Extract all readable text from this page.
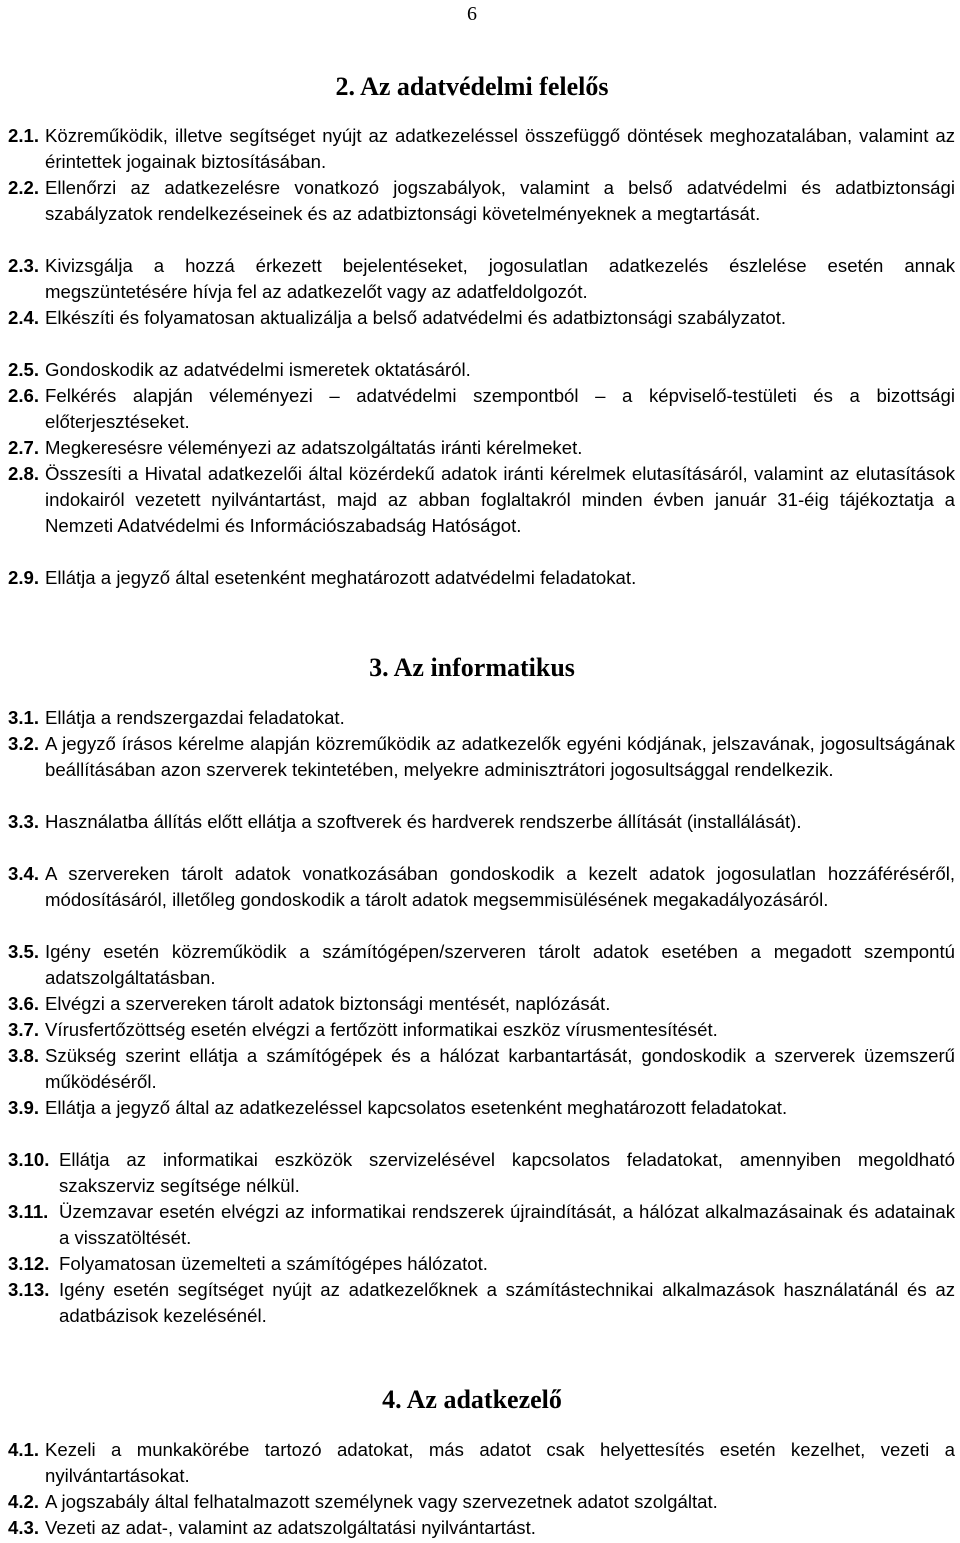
6
2. Az adatvédelmi felelős
2.1. Közreműködik, illetve segítséget nyújt az adatkezeléssel összefüggő döntések meghozatalában, valamint az érintettek jogainak biztosításában.
2.2. Ellenőrzi az adatkezelésre vonatkozó jogszabályok, valamint a belső adatvédelmi és adatbiztonsági szabályzatok rendelkezéseinek és az adatbiztonsági követelményeknek a megtartását.
2.3. Kivizsgálja a hozzá érkezett bejelentéseket, jogosulatlan adatkezelés észlelése esetén annak megszüntetésére hívja fel az adatkezelőt vagy az adatfeldolgozót.
2.4. Elkészíti és folyamatosan aktualizálja a belső adatvédelmi és adatbiztonsági szabályzatot.
2.5. Gondoskodik az adatvédelmi ismeretek oktatásáról.
2.6. Felkérés alapján véleményezi – adatvédelmi szempontból – a képviselő-testületi és a bizottsági előterjesztéseket.
2.7. Megkeresésre véleményezi az adatszolgáltatás iránti kérelmeket.
2.8. Összesíti a Hivatal adatkezelői által közérdekű adatok iránti kérelmek elutasításáról, valamint az elutasítások indokairól vezetett nyilvántartást, majd az abban foglaltakról minden évben január 31-éig tájékoztatja a Nemzeti Adatvédelmi és Információszabadság Hatóságot.
2.9. Ellátja a jegyző által esetenként meghatározott adatvédelmi feladatokat.
3. Az informatikus
3.1. Ellátja a rendszergazdai feladatokat.
3.2. A jegyző írásos kérelme alapján közreműködik az adatkezelők egyéni kódjának, jelszavának, jogosultságának beállításában azon szerverek tekintetében, melyekre adminisztrátori jogosultsággal rendelkezik.
3.3. Használatba állítás előtt ellátja a szoftverek és hardverek rendszerbe állítását (installálását).
3.4. A szervereken tárolt adatok vonatkozásában gondoskodik a kezelt adatok jogosulatlan hozzáféréséről, módosításáról, illetőleg gondoskodik a tárolt adatok megsemmisülésének megakadályozásáról.
3.5. Igény esetén közreműködik a számítógépen/szerveren tárolt adatok esetében a megadott szempontú adatszolgáltatásban.
3.6. Elvégzi a szervereken tárolt adatok biztonsági mentését, naplózását.
3.7. Vírusfertőzöttség esetén elvégzi a fertőzött informatikai eszköz vírusmentesítését.
3.8. Szükség szerint ellátja a számítógépek és a hálózat karbantartását, gondoskodik a szerverek üzemszerű működéséről.
3.9. Ellátja a jegyző által az adatkezeléssel kapcsolatos esetenként meghatározott feladatokat.
3.10. Ellátja az informatikai eszközök szervizelésével kapcsolatos feladatokat, amennyiben megoldható szakszerviz segítsége nélkül.
3.11. Üzemzavar esetén elvégzi az informatikai rendszerek újraindítását, a hálózat alkalmazásainak és adatainak a visszatöltését.
3.12. Folyamatosan üzemelteti a számítógépes hálózatot.
3.13. Igény esetén segítséget nyújt az adatkezelőknek a számítástechnikai alkalmazások használatánál és az adatbázisok kezelésénél.
4. Az adatkezelő
4.1. Kezeli a munkakörébe tartozó adatokat, más adatot csak helyettesítés esetén kezelhet, vezeti a nyilvántartásokat.
4.2. A jogszabály által felhatalmazott személynek vagy szervezetnek adatot szolgáltat.
4.3. Vezeti az adat-, valamint az adatszolgáltatási nyilvántartást.
